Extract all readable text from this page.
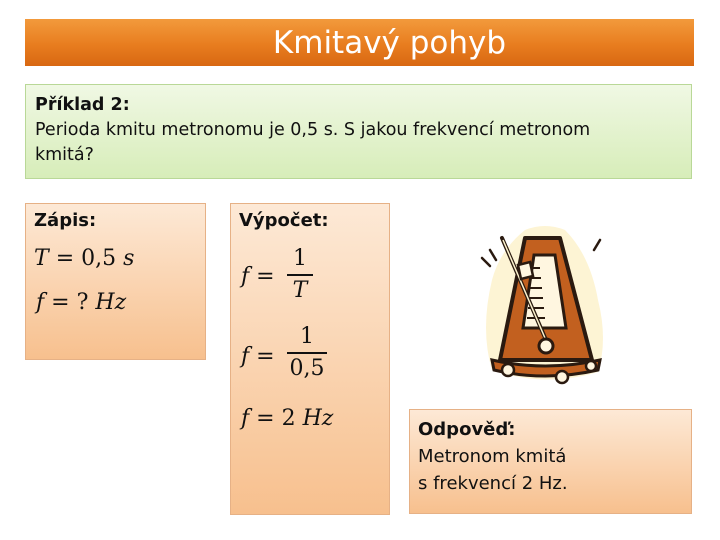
Kmitavý pohyb
Příklad 2:
Perioda kmitu metronomu je 0,5 s. S jakou frekvencí metronom
kmitá?
Zápis:
T = 0,5 s
f = ? Hz
Výpočet:
f =
1
T
f =
1
0,5
f = 2 Hz	Odpověď:
Metronom kmitá
s frekvencí 2 Hz.
